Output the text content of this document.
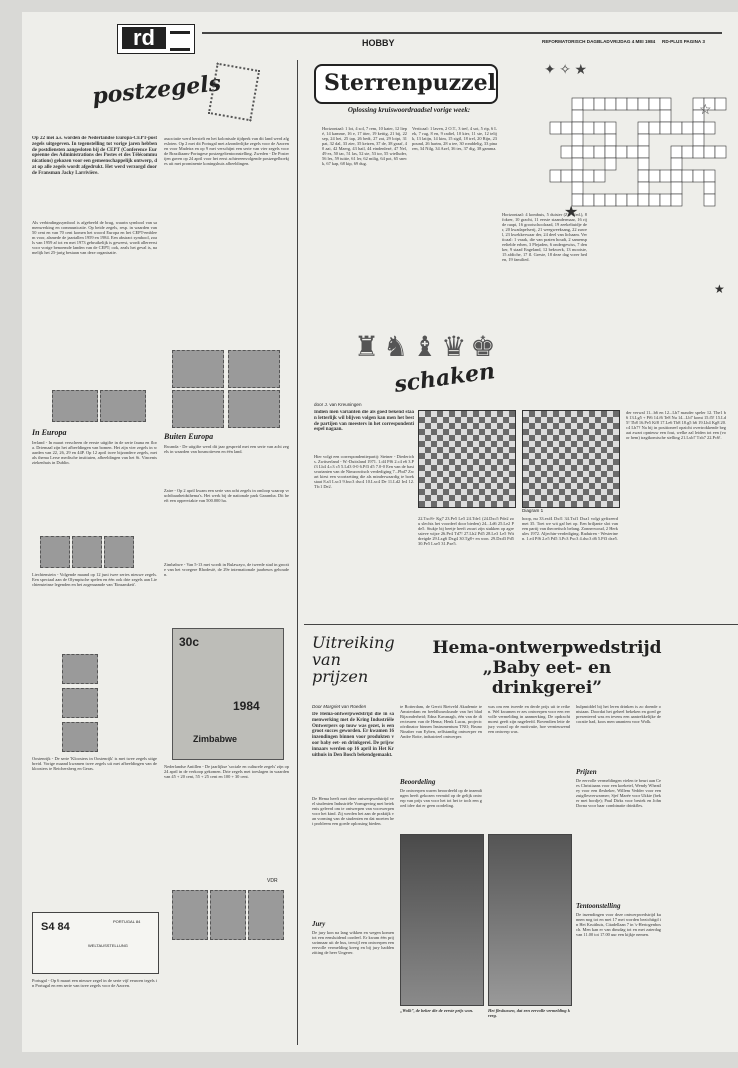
rd	HOBBY	REFORMATORISCH DAGBLAD VRIJDAG 4 MEI 1984 RD-PLUS PAGINA 3
postzegels
Op 22 mei a.s. worden de Nederlandse Europa-CEPT-postzegels uitgegeven. In tegenstelling tot vorige jaren hebben de postdiensten aangesloten bij de CEPT (Conference Européenne des Administrations des Postes et des Télécommunications) gekozen voor een gemeenschappelijk ontwerp, dat op alle zegels wordt afgedrukt. Het werd verzorgd door de Fransman Jacky Larrivière.
Als verbindingssymbool is afgebeeld de brug, waarin symbool van samenwerking en communicatie. Op beide zegels, resp. in waarden van 50 cent en van 70 cent komen het woord Europa en het CEPT-embleem voor, alsmede de jaartallen 1959 en 1984. Een abstract symbool, zoals van 1959 af tot en met 1973 gebruikelijk is geweest, wordt allereerst voor vorige benoemde landen van de CEPT; ook, zeals het geval is, namelijk het 25-jarig bestaan van deze organisatie.
associatie werd herstelt en het kolonisale tijdperk van dit land werd afgesloten. Op 2 mei dit Portugal met afzonderlijke zegels voor de Azoren en voor Madeira en op 9 mei verschijnt een serie van vier zegels voor de Braziliaans-Portugese postzegeltentoonstelling. Zweden - De Posterijen gaven op 24 april voor het eerst achtereenvolgende postzegelboekjes uit met prominente koningshuis afbeeldingen.
In Europa
Ierland - In maart verscheen de eerste uitgifte in de serie fauna en flora. Driemaal zijn het afbeeldingen van bomen. Het zijn vier zegels in waarden van 22, 26, 29 en 44P. Op 12 april twee bijzondere zegels, met als thema Lerse medische instituten, afbeeldingen van het St. Vincents ziekenhuis in Dublin.
Liechtenstein - Volgende maand op 12 juni twee series nieuwe zegels. Een speciaal aan de Olympische spelen en één ook drie zegels aan Liechtensteinse legenden en het zogenaamde van 'Einsamkeit'.
Oostenrijk - De serie 'Kloosters in Oostenrijk' is met twee zegels uitgebreid. Vorige maand kwamen twee zegels uit met afbeeldingen van de kloosters te Reichersberg en Geras.
S4 84
WELTAUSSTELLUNG
PORTUGAL 84
Portugal - Op 6 maart een nieuwe zegel in de serie vijf eeuwen tegels in Portugal en een serie van twee zegels voor de Azoren.
Buiten Europa
Rwanda - De uitgifte werd dit jaar gespreid met een serie van acht zegels in waarden van bosmotieven en één land.
Zaire - Op 2 april kwam een serie van acht zegels in omloop waarop vruchtbaarheidsthema's. Het werk bij de nationale park Garamba. Dit heeft een opperviakte van 500.000 ha.
Zimbabwe - Van 5-13 mei wordt in Bulawayo, de tweede stad in grootte van het vroegere Rhodesië, de 29e internationale jaarbeurs gehouden.
30c
1984
Zimbabwe
Nederlandse Antillen - De jaarlijkse 'sociale en culturele zegels' zijn op 24 april in de verkoop gekomen. Drie zegels met toeslagen in waarden van 45 + 20 cent, 55 + 25 cent en 100 + 30 cent.
VDR
Sterrenpuzzel
Oplossing kruiswoordraadsel vorige week:
Horizontaal: 1 lot, 4 sol, 7 rem, 10 kater, 12 liepé, 14 kamme, 16 e, 17 itter, 19 kettig, 21 bij, 22 sep, 24 hei, 25 tap, 26 bedt, 27 zat, 29 loipt, 31 pat, 32 dal, 33 zier, 35 keizen, 37 de, 38 graaf, 40 aai, 42 Maerg, 43 hail, 44 eindenlezé, 47 Nel, 49 ez, 50 tac, 51 las, 52 ste, 53 tor, 55 wielluder, 56 les, 59 tuitie, 61 ler, 62 milig, 64 pot, 65 sneck, 67 kap, 68 kip, 69 dug.
Verticaal: 1 laven, 2 O.T., 3 tref, 4 sot, 5 rip, 6 Lek, 7 rug, 8 en, 9 radiel, 10 kier, 11 ste, 12 telijk, 13 latijn, 14 kim, 15 sigil, 18 trel, 20 Rijn, 23 pound, 26 hartm, 28 u tee, 30 ronddelig, 33 pinaren, 34 Nilg, 34 Azel, 36 tes, 37 dig, 38 gamma.
Horizontaal: 4 kombuis, 5 duister (Zd. Ned.), 8 fokrer, 10 gracht, 11 eerste staandermaar, 16 rij de raapt, 16 grootschoolraad, 19 zeekeltuidje der, 20 kwadapelserij, 21 weegweeksang, 22 zuwel, 23 kwekkerwaar der, 24 deel van lichaam. Verticaal: 1 vraak, die van praten houdt, 2 samenspeeltelde erhen, 3 Plejaden, 6 ondergewiss, 7 denker, 9 staad Engeland, 12 bekwerk, 13 mooiste, 15 afdiche, 17 fl. Greste, 18 deze dag vorer heden, 19 familied.
✦ ✧ ★
☆
★
★
schaken
♜♞♝♛♚
door J. van Kreuningen
Indien men varianten die als goed bekend staan letterlijk wil blijven volgen kan men het best de partijen van meesters in het correspondentiespel nagaan.
Hier volgt een correspondentiepartij: Steiner - Diederichs. Zwitserland - W.-Duitsland 1971. 1.d4 Pf6 2.c4 e6 3.Pf3 Lb4 4.c3 c5 5.Ld3 0-0 6.Pf3 d5 7.0-0 Een van de basisvarianten van de Nimzowitsch verdediging 7...Pbd7 Zwart kiest een voortzetting die als minderwaardig te boek staat 8.a3 Lxc3 9.bxc3 dxc4 10.Lxc4 De 11.Ld2 Ie4 12.Tfc1 De2.
Diagram 1
22.Txc8+ Kg7 23.Pe5 Le5 24.Tde1 (24.Dxc5 Pde2 zou slechts het voordeel door bieden) 24...Ld6 25.Le2 Pde5. Stukje bij beetje heeft zwart zijn stukken op agressieve wijze 26.Pe4 Td7! 27.Lh2 Pd5 28.Le3 Le5 Wit dreigde 29.Lxg6 Dxg4 30.Tg8+ en won. 29.Dxd3 Pd5 30.Pe5 Lxe5 31.Pxe5.
hoop, nu 33.exf4 Dxf1 34.Txf1 Dxa1 volgt gefixeerd met 35. Toet we wit gaf het op. Een briljante slot van een partij van theoretisch belang. Zonnerwoud, 2 Herkules 1972. Aljechin-verdediging. Raduiren - Westerinen. 1.e4 Pf6 2.e5 Pd5 3.Pc3 Pxc3 4.dxc3 d6 5.Pf3 dxe5.
der verwal 11...b6 en 12...Lb7 maxder speler 12. The1 b6 13.Lg5 + Pf6 14.f6 Te8 Nu 14...Lb7 komt 15.f5! 15.Ld5! Tb8 16.Pe5 Kf8 17.Le6 Tb8 18.g5 h6 19.Lh4 Kg8 20.c4 Lb7? Na bij in positioneel opzicht overtrokkende begaat zwart opnieuw een fout, welke zal leiden tot een (voor hem) tragikomische stelling 21.Lxb7 Txb7 22.Pc6!.
Uitreiking
van
prijzen
Hema-ontwerpwedstrijd „Baby eet- en drinkgerei”
Door Margriet van Roeden
De Hema-ontwerpwedstrijd die in samenwerking met de Kring Industriële Ontwerpers op touw was gezet, is een groot succes geworden. Er kwamen 16 inzendingen binnen voor produkten voor baby eet- en drinkgerei. De prijswinnaars werden op 16 april in Het Kruithuis in Den Bosch bekendgemaakt.
De Hema heeft met deze ontwerpwedstrijd veel studenten Industriële Vormgeving met betekenis geleerd om te ontwerpen van voorwerpen voor het kind. Zij werden het aan de praktijk van vorming van de studenten en dat moeten het probleem een goede oplossing bieden.
Jury
De jury kon na lang wikken en wegen komen tot een eensluidend oordeel. Er kwam één prijswinnaar uit de bus, terwijl een ontwerpen een eervolle vermelding kreeg en bij jury hadden zitting de heer Ungerer.
te Rotterdam, de Gerrit Rietveld Akademie te Amsterdam en beeldhouwkunde van het blad Bijzonderheid; Edna Kavanagh, één van de directeuren van de Hema; Henk Lucas, projectcoördinator binnen Instrumentum TNO; Bruno Ninaber van Eyben, zelfstandig ontwerper en Andre Rotte, industrieel ontwerper.
Beoordeling
De ontwerpen waren beoordeeld op de inzendingen heeft gekozen vermitd op de gelijk ontwerp van prijs van voor het tot het te toch een goed idee dat er geen oordeling.
was om een tweede en derde prijs uit te reiken. Wel kwamen er zes ontwerpen voor een eervolle vermelding in aanmerking. De opdracht moest geeft zijn nageleefd. Bovendien lette de jury vooral op de motivatie, hoe vernieuwend een ontwerp was.
„Wolk”, de beker die de eerste prijs won.	Het flesbussen, dat een eervolle vermelding kreeg.
hulpmiddel bij het leren drinken is zo doende ontstaan. Doordat het geheel bekeken en goed gepresenteerd was en tevens een aantrekkelijke decoratie had, koos men unaniem voor Wolk.
Prijzen
De eervolle vermeldingen vielen te beurt aan Cees Christiaans voor een koeketel, Wendy Wheatley voor een flesbeker, Willem Vedder voor een zuigflesverwarmer; Sjef Marée voor Ukkie (beker met bordje); Paul Dirks voor bestek en John Dorna voor baar combinatie drinkfles.
Tentoonstelling
De inzendingen voor deze ontwerpwedstrijd kunnen nog tot en met 17 mei worden bezichtigd in Het Kruithuis, Citadellaan 7 in 's-Hertogenbosch. Men kan er van dinsdag tot en met zaterdag van 11.00 tot 17.00 uur een kijkje nemen.
